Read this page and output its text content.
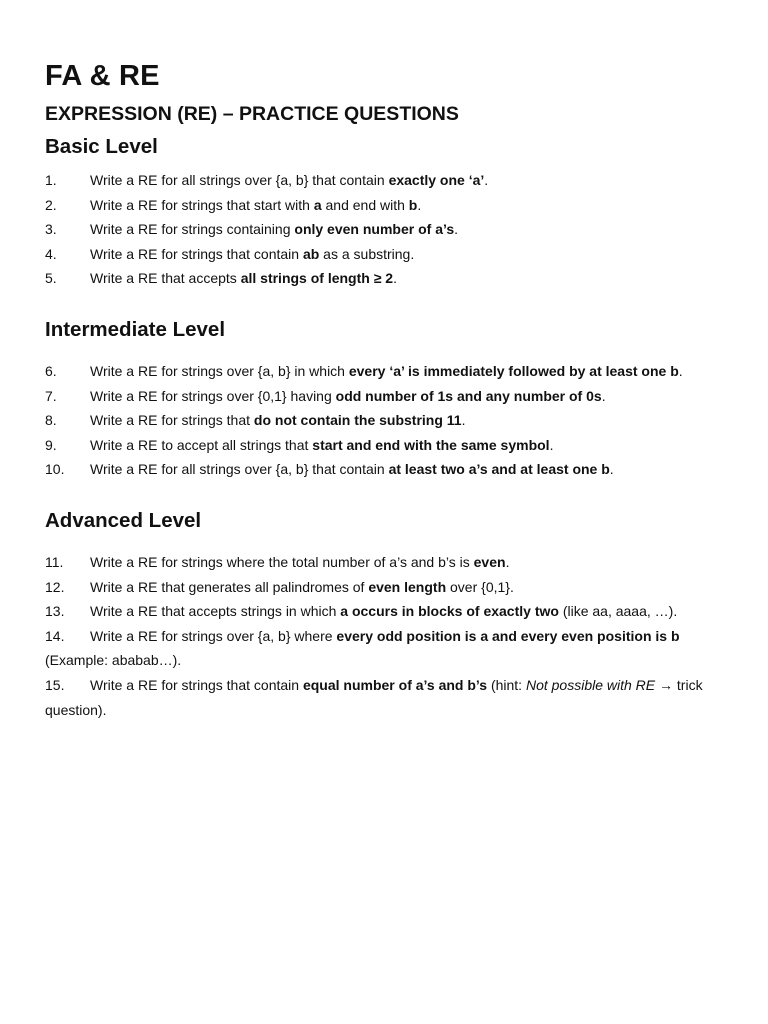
FA & RE
EXPRESSION (RE) – PRACTICE QUESTIONS
Basic Level
1. Write a RE for all strings over {a, b} that contain exactly one ‘a’.
2. Write a RE for strings that start with a and end with b.
3. Write a RE for strings containing only even number of a’s.
4. Write a RE for strings that contain ab as a substring.
5. Write a RE that accepts all strings of length ≥ 2.
Intermediate Level
6. Write a RE for strings over {a, b} in which every ‘a’ is immediately followed by at least one b.
7. Write a RE for strings over {0,1} having odd number of 1s and any number of 0s.
8. Write a RE for strings that do not contain the substring 11.
9. Write a RE to accept all strings that start and end with the same symbol.
10. Write a RE for all strings over {a, b} that contain at least two a’s and at least one b.
Advanced Level
11. Write a RE for strings where the total number of a’s and b’s is even.
12. Write a RE that generates all palindromes of even length over {0,1}.
13. Write a RE that accepts strings in which a occurs in blocks of exactly two (like aa, aaaa, …).
14. Write a RE for strings over {a, b} where every odd position is a and every even position is b (Example: ababab…).
15. Write a RE for strings that contain equal number of a’s and b’s (hint: Not possible with RE → trick question).
